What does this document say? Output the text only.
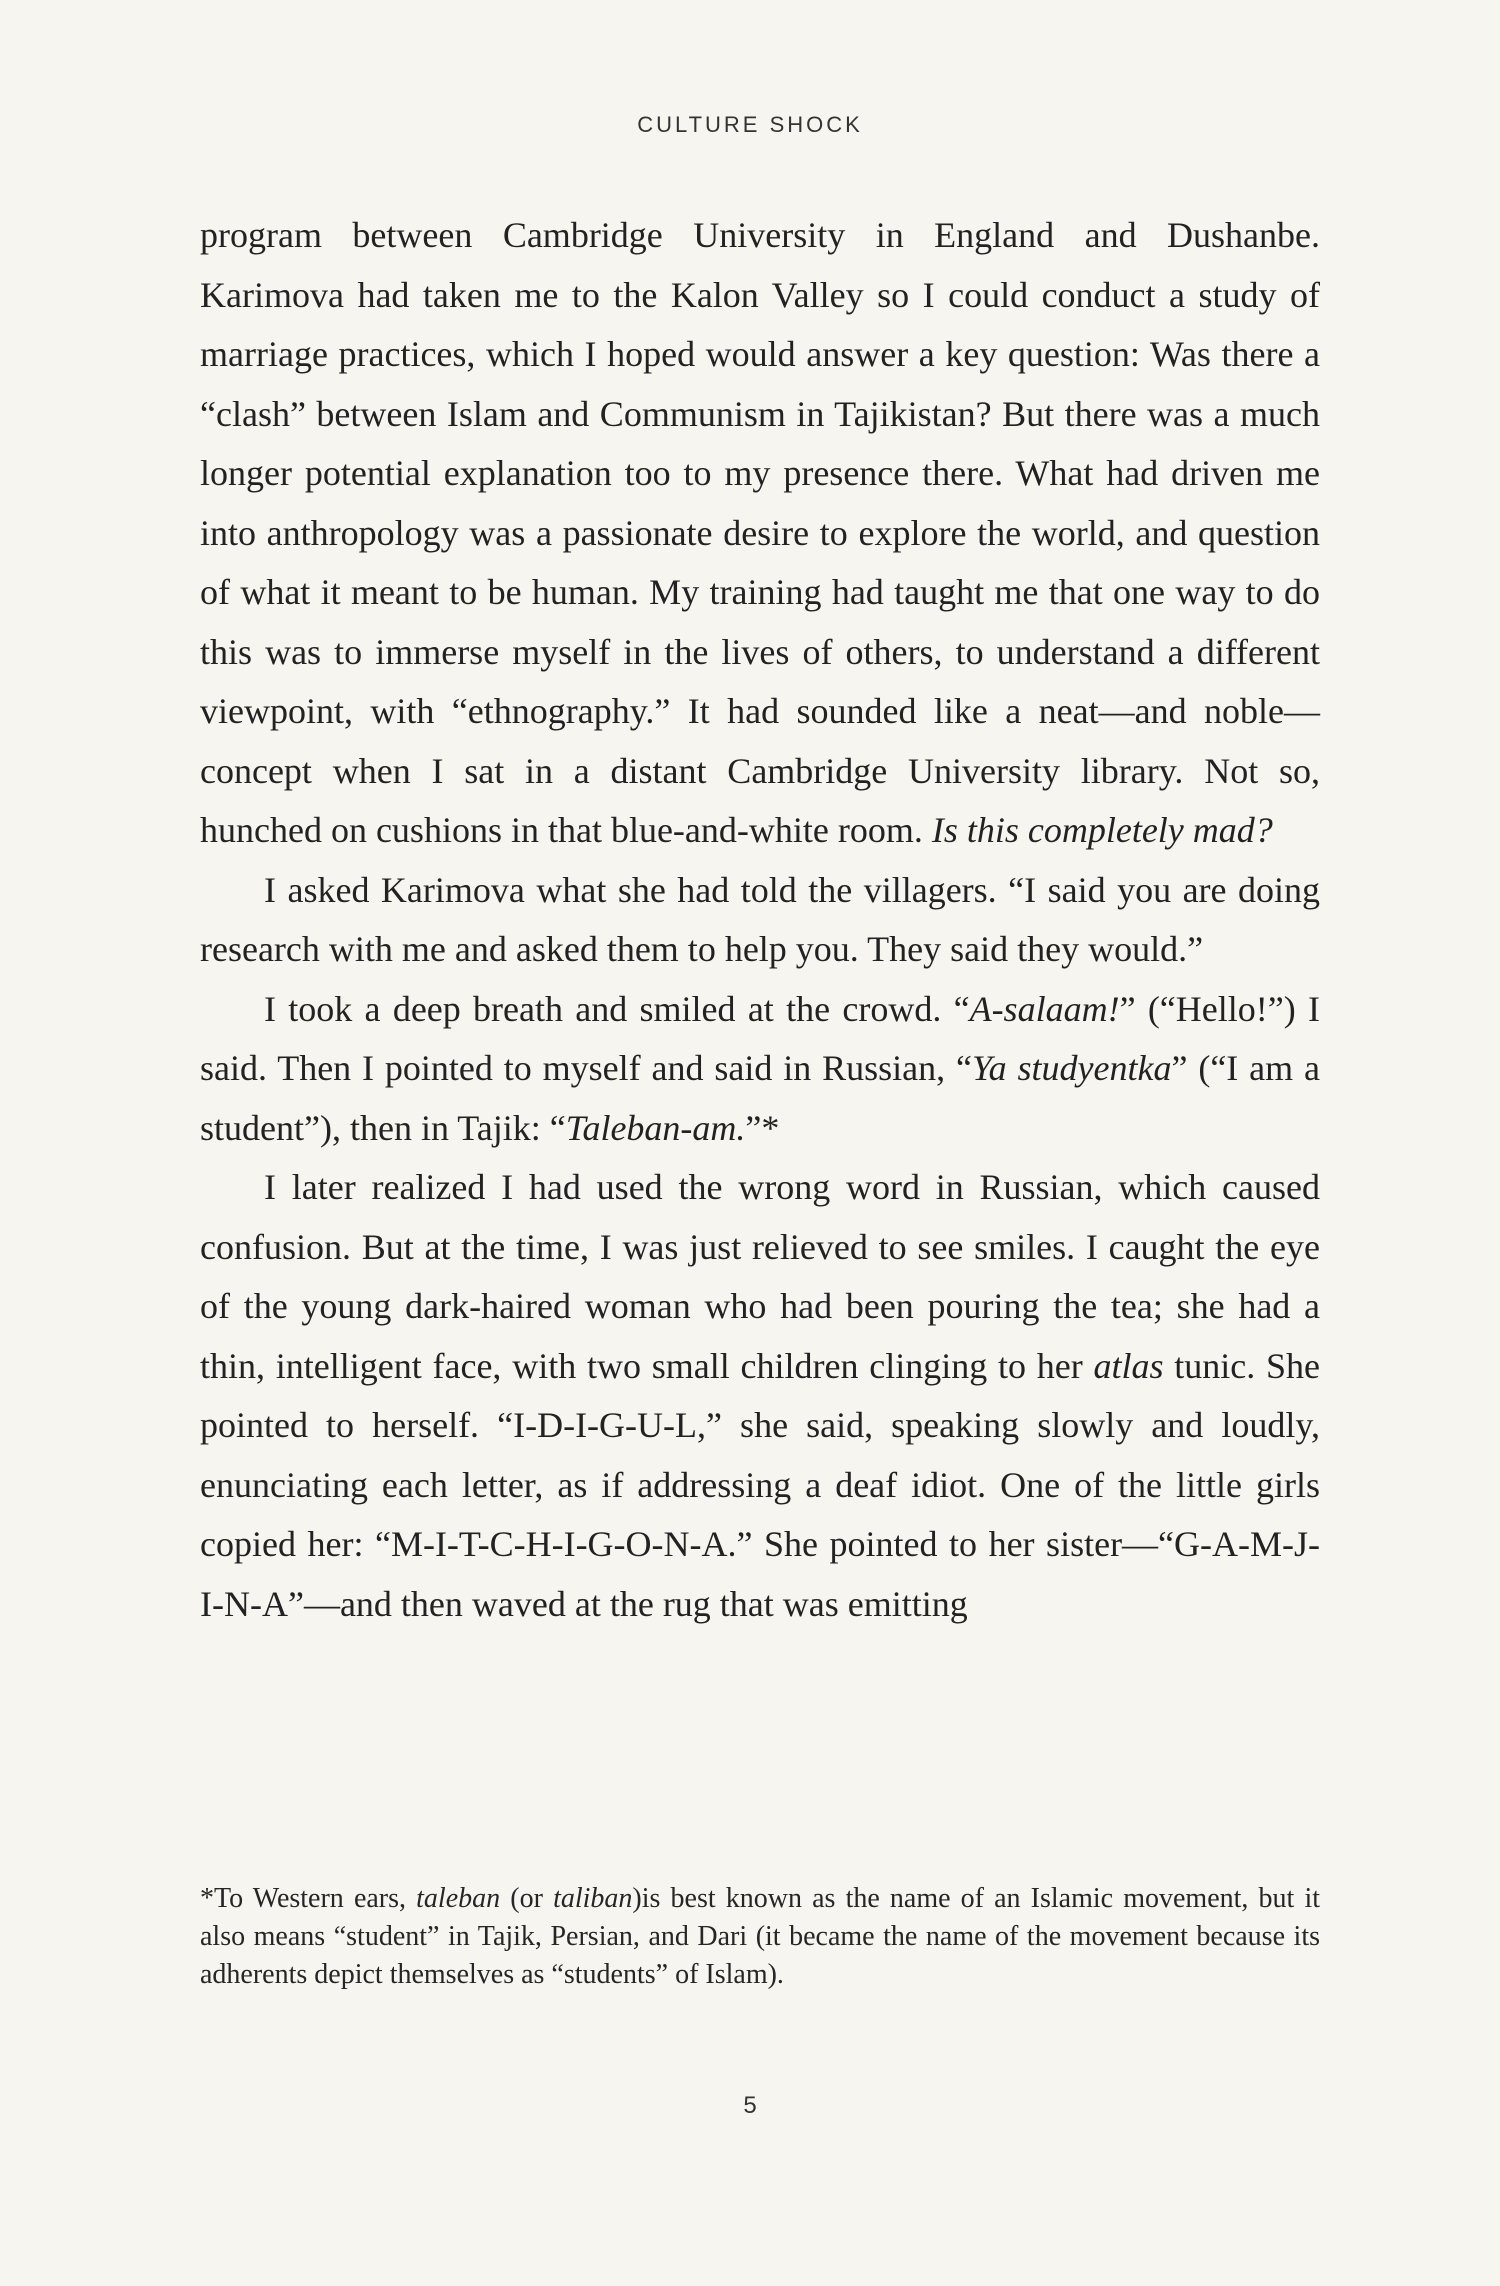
CULTURE SHOCK

program between Cambridge University in England and Dushanbe. Karimova had taken me to the Kalon Valley so I could conduct a study of marriage practices, which I hoped would answer a key question: Was there a “clash” between Islam and Communism in Tajikistan? But there was a much longer potential explanation too to my presence there. What had driven me into anthropology was a passionate desire to explore the world, and question of what it meant to be human. My training had taught me that one way to do this was to immerse myself in the lives of others, to understand a different viewpoint, with “ethnography.” It had sounded like a neat—and noble—concept when I sat in a distant Cambridge University library. Not so, hunched on cushions in that blue-and-white room. Is this completely mad?

I asked Karimova what she had told the villagers. “I said you are doing research with me and asked them to help you. They said they would.”

I took a deep breath and smiled at the crowd. “A-salaam!” (“Hello!”) I said. Then I pointed to myself and said in Russian, “Ya studyentka” (“I am a student”), then in Tajik: “Taleban-am.”*

I later realized I had used the wrong word in Russian, which caused confusion. But at the time, I was just relieved to see smiles. I caught the eye of the young dark-haired woman who had been pouring the tea; she had a thin, intelligent face, with two small children clinging to her atlas tunic. She pointed to herself. “I-D-I-G-U-L,” she said, speaking slowly and loudly, enunciating each letter, as if addressing a deaf idiot. One of the little girls copied her: “M-I-T-C-H-I-G-O-N-A.” She pointed to her sister—“G-A-M-J-I-N-A”—and then waved at the rug that was emitting

*To Western ears, taleban (or taliban)is best known as the name of an Islamic movement, but it also means “student” in Tajik, Persian, and Dari (it became the name of the movement because its adherents depict themselves as “students” of Islam).
5
